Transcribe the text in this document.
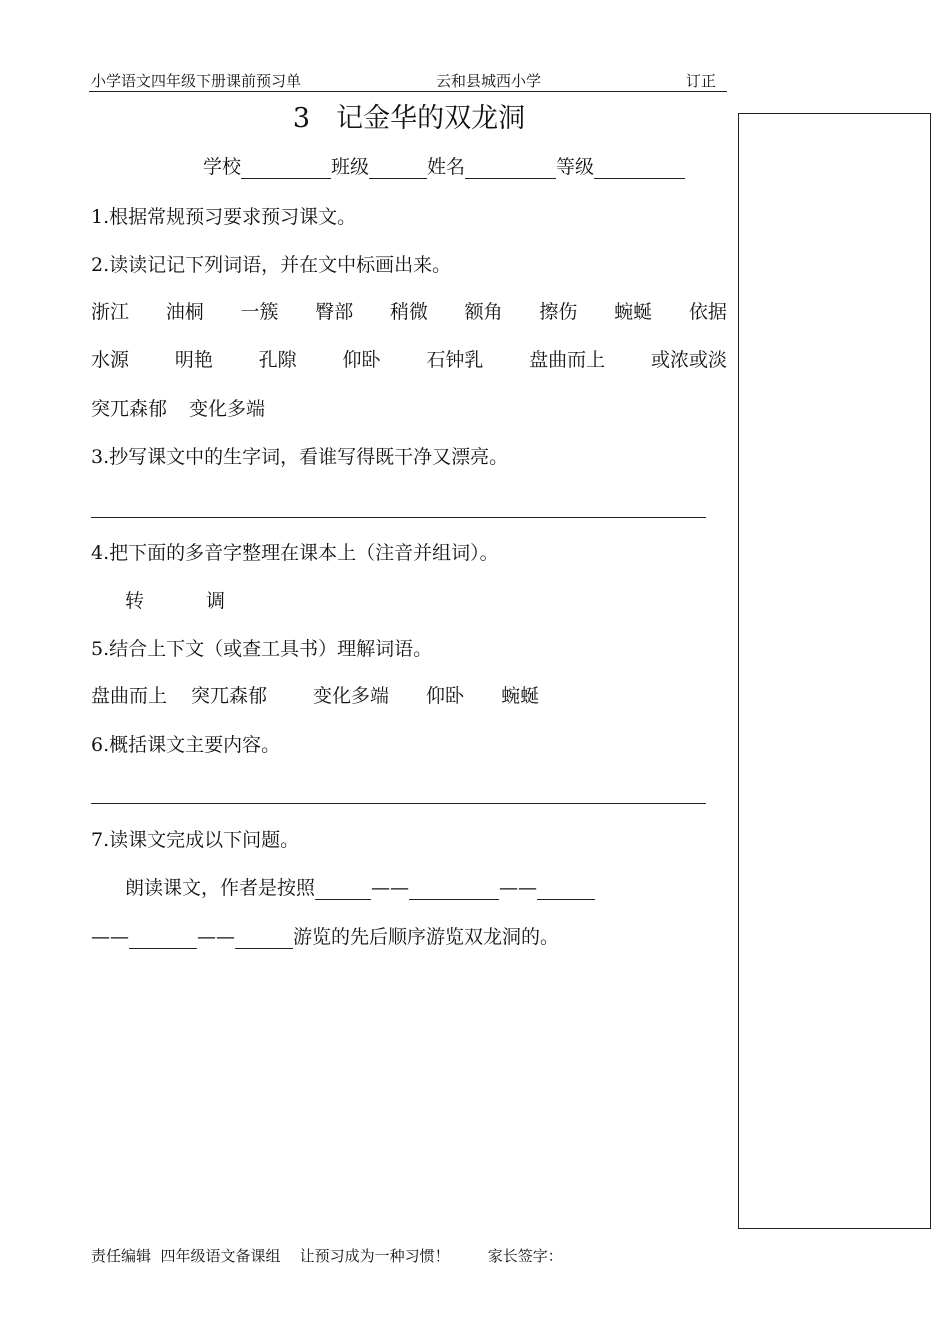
小学语文四年级下册课前预习单	云和县城西小学	订正
3 记金华的双龙洞
学校	班级	姓名	等级
1.根据常规预习要求预习课文。
2.读读记记下列词语，并在文中标画出来。
浙江 油桐 一簇 臀部 稍微 额角 擦伤 蜿蜒 依据
水源 明艳 孔隙 仰卧 石钟乳 盘曲而上 或浓或淡
突兀森郁 变化多端
3.抄写课文中的生字词，看谁写得既干净又漂亮。
4.把下面的多音字整理在课本上（注音并组词）。
转	调
5.结合上下文（或查工具书）理解词语。
盘曲而上 突兀森郁 变化多端 仰卧 蜿蜒
6.概括课文主要内容。
7.读课文完成以下问题。
朗读课文，作者是按照	——	——
——	——	游览的先后顺序游览双龙洞的。
责任编辑  四年级语文备课组 让预习成为一种习惯！	家长签字：
